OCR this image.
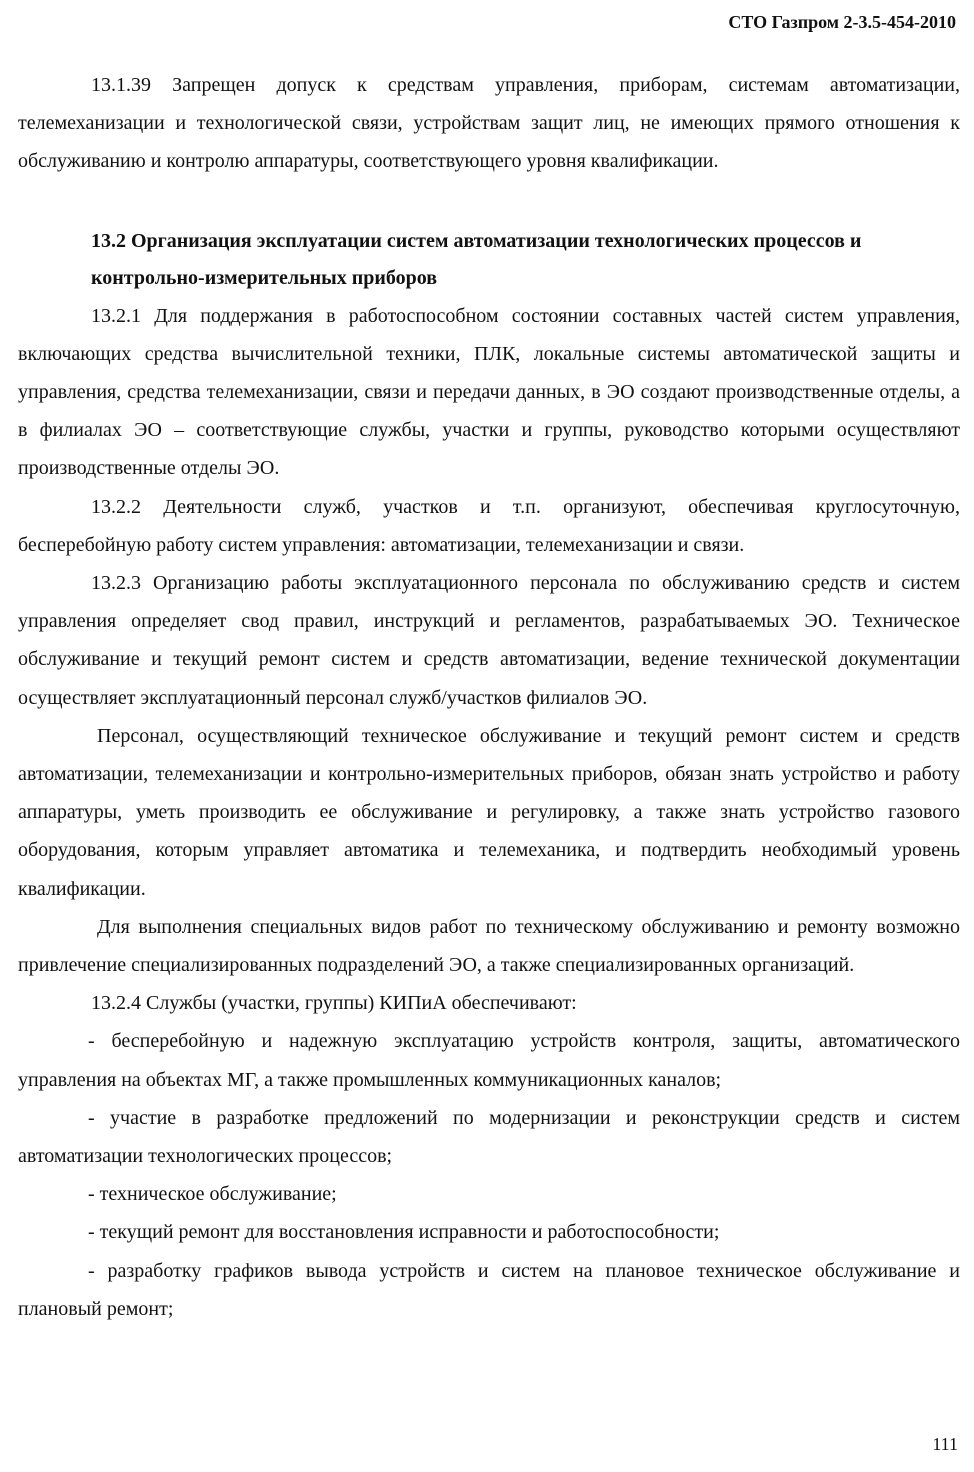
СТО Газпром 2-3.5-454-2010

13.1.39 Запрещен допуск к средствам управления, приборам, системам автоматизации, телемеханизации и технологической связи, устройствам защит лиц, не имеющих прямого отношения к обслуживанию и контролю аппаратуры, соответствующего уровня квалификации.

13.2 Организация эксплуатации систем автоматизации технологических процессов и контрольно-измерительных приборов

13.2.1 Для поддержания в работоспособном состоянии составных частей систем управления, включающих средства вычислительной техники, ПЛК, локальные системы автоматической защиты и управления, средства телемеханизации, связи и передачи данных, в ЭО создают производственные отделы, а в филиалах ЭО – соответствующие службы, участки и группы, руководство которыми осуществляют производственные отделы ЭО.

13.2.2 Деятельности служб, участков и т.п. организуют, обеспечивая круглосуточную, бесперебойную работу систем управления: автоматизации, телемеханизации и связи.

13.2.3 Организацию работы эксплуатационного персонала по обслуживанию средств и систем управления определяет свод правил, инструкций и регламентов, разрабатываемых ЭО. Техническое обслуживание и текущий ремонт систем и средств автоматизации, ведение технической документации осуществляет эксплуатационный персонал служб/участков филиалов ЭО.

Персонал, осуществляющий техническое обслуживание и текущий ремонт систем и средств автоматизации, телемеханизации и контрольно-измерительных приборов, обязан знать устройство и работу аппаратуры, уметь производить ее обслуживание и регулировку, а также знать устройство газового оборудования, которым управляет автоматика и телемеханика, и подтвердить необходимый уровень квалификации.

Для выполнения специальных видов работ по техническому обслуживанию и ремонту возможно привлечение специализированных подразделений ЭО, а также специализированных организаций.

13.2.4 Службы (участки, группы) КИПиА обеспечивают:

- бесперебойную и надежную эксплуатацию устройств контроля, защиты, автоматического управления на объектах МГ, а также промышленных коммуникационных каналов;

- участие в разработке предложений по модернизации и реконструкции средств и систем автоматизации технологических процессов;

- техническое обслуживание;

- текущий ремонт для восстановления исправности и работоспособности;

- разработку графиков вывода устройств и систем на плановое техническое обслуживание и плановый ремонт;

111
